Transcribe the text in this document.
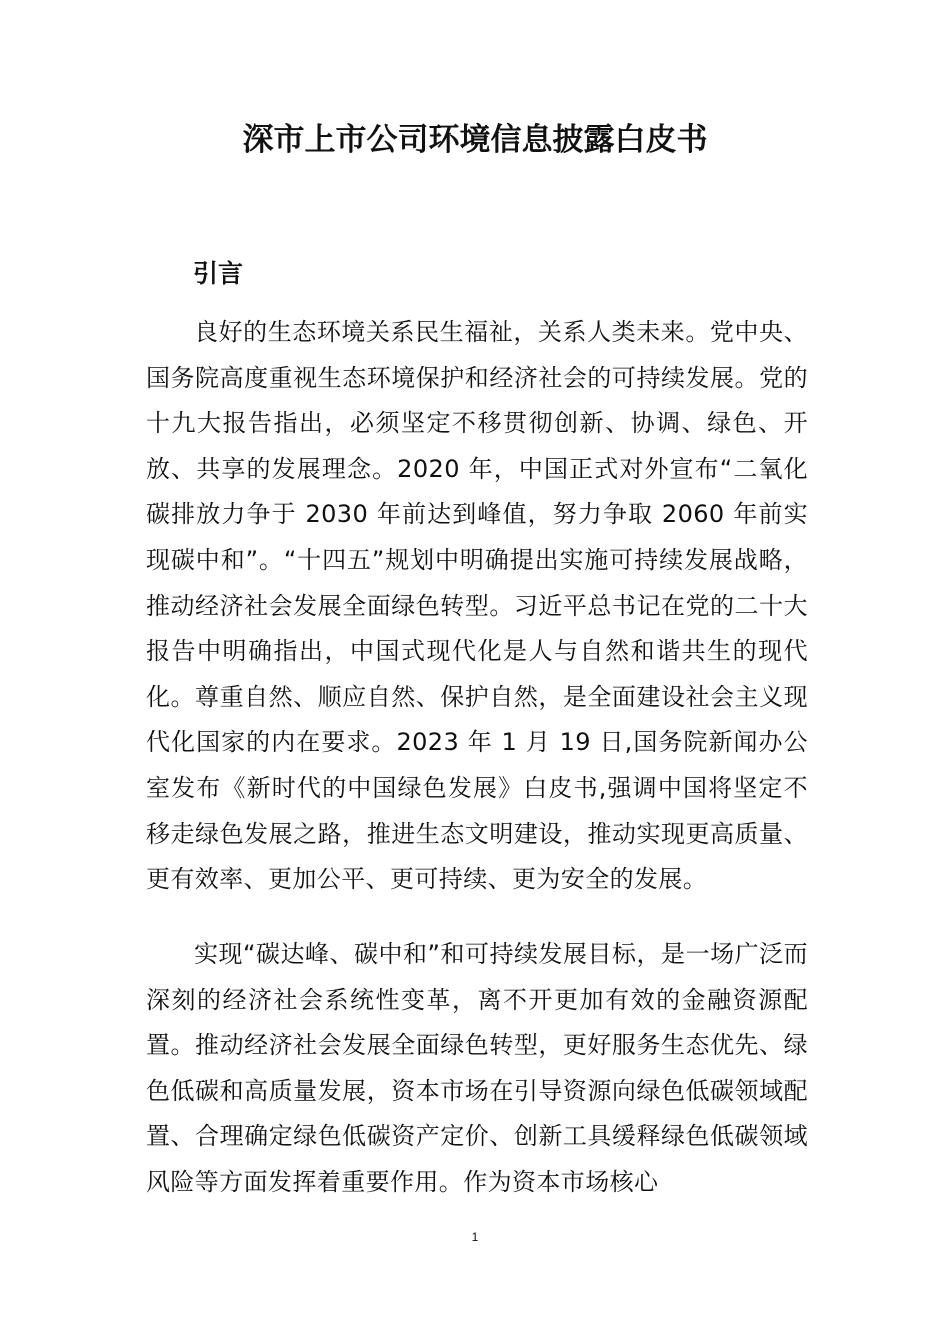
深市上市公司环境信息披露白皮书
引言

良好的生态环境关系民生福祉，关系人类未来。党中央、国务院高度重视生态环境保护和经济社会的可持续发展。党的十九大报告指出，必须坚定不移贯彻创新、协调、绿色、开放、共享的发展理念。2020 年，中国正式对外宣布“二氧化碳排放力争于 2030 年前达到峰值，努力争取 2060 年前实现碳中和”。“十四五”规划中明确提出实施可持续发展战略，推动经济社会发展全面绿色转型。习近平总书记在党的二十大报告中明确指出，中国式现代化是人与自然和谐共生的现代化。尊重自然、顺应自然、保护自然，是全面建设社会主义现代化国家的内在要求。2023 年 1 月 19 日,国务院新闻办公室发布《新时代的中国绿色发展》白皮书,强调中国将坚定不移走绿色发展之路，推进生态文明建设，推动实现更高质量、更有效率、更加公平、更可持续、更为安全的发展。

实现“碳达峰、碳中和”和可持续发展目标，是一场广泛而深刻的经济社会系统性变革，离不开更加有效的金融资源配置。推动经济社会发展全面绿色转型，更好服务生态优先、绿色低碳和高质量发展，资本市场在引导资源向绿色低碳领域配置、合理确定绿色低碳资产定价、创新工具缓释绿色低碳领域风险等方面发挥着重要作用。作为资本市场核心

1
